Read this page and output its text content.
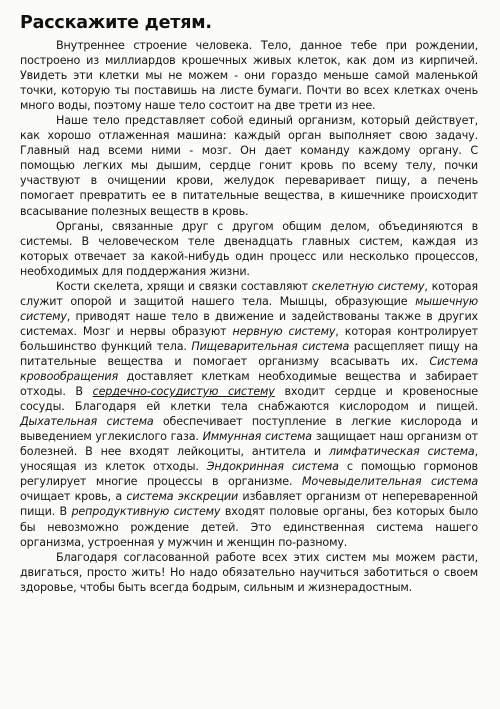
Расскажите детям.

Внутреннее строение человека. Тело, данное тебе при рождении, построено из миллиардов крошечных живых клеток, как дом из кирпичей. Увидеть эти клетки мы не можем - они гораздо меньше самой маленькой точки, которую ты поставишь на листе бумаги. Почти во всех клетках очень много воды, поэтому наше тело состоит на две трети из нее.

Наше тело представляет собой единый организм, который действует, как хорошо отлаженная машина: каждый орган выполняет свою задачу. Главный над всеми ними - мозг. Он дает команду каждому органу. С помощью легких мы дышим, сердце гонит кровь по всему телу, почки участвуют в очищении крови, желудок переваривает пищу, а печень помогает превратить ее в питательные вещества, в кишечнике происходит всасывание полезных веществ в кровь.

Органы, связанные друг с другом общим делом, объединяются в системы. В человеческом теле двенадцать главных систем, каждая из которых отвечает за какой-нибудь один процесс или несколько процессов, необходимых для поддержания жизни.

Кости скелета, хрящи и связки составляют скелетную систему, которая служит опорой и защитой нашего тела. Мышцы, образующие мышечную систему, приводят наше тело в движение и задействованы также в других системах. Мозг и нервы образуют нервную систему, которая контролирует большинство функций тела. Пищеварительная система расщепляет пищу на питательные вещества и помогает организму всасывать их. Система кровообращения доставляет клеткам необходимые вещества и забирает отходы. В сердечно-сосудистую систему входит сердце и кровеносные сосуды. Благодаря ей клетки тела снабжаются кислородом и пищей. Дыхательная система обеспечивает поступление в легкие кислорода и выведением углекислого газа. Иммунная система защищает наш организм от болезней. В нее входят лейкоциты, антитела и лимфатическая система, уносящая из клеток отходы. Эндокринная система с помощью гормонов регулирует многие процессы в организме. Мочевыделительная система очищает кровь, а система экскреции избавляет организм от непереваренной пищи. В репродуктивную систему входят половые органы, без которых было бы невозможно рождение детей. Это единственная система нашего организма, устроенная у мужчин и женщин по-разному.

Благодаря согласованной работе всех этих систем мы можем расти, двигаться, просто жить! Но надо обязательно научиться заботиться о своем здоровье, чтобы быть всегда бодрым, сильным и жизнерадостным.
